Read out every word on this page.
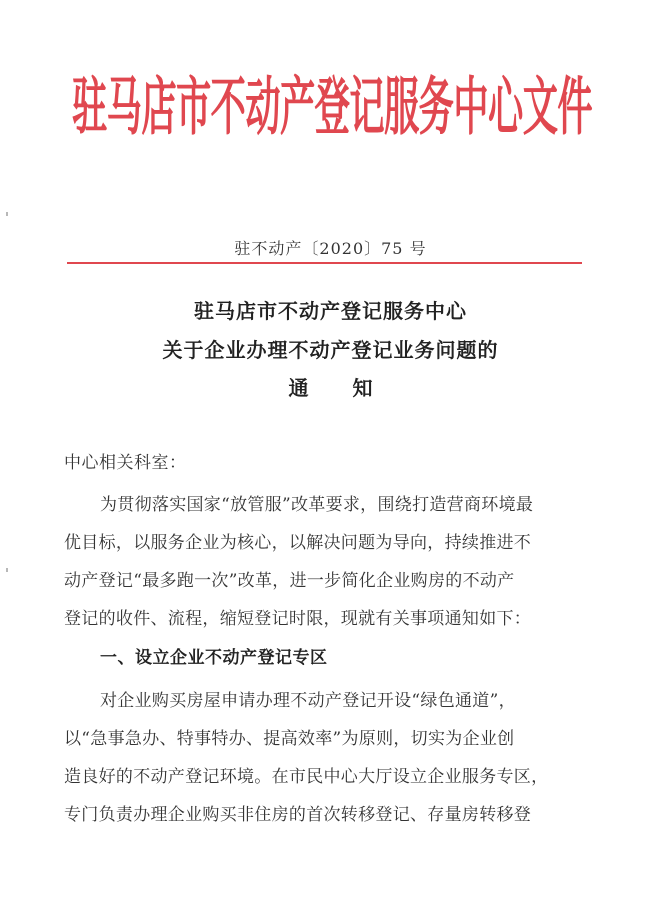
驻马店市不动产登记服务中心文件
驻不动产〔2020〕75 号
驻马店市不动产登记服务中心
关于企业办理不动产登记业务问题的
通知
中心相关科室：
为贯彻落实国家“放管服”改革要求，围绕打造营商环境最
优目标，以服务企业为核心，以解决问题为导向，持续推进不
动产登记“最多跑一次”改革，进一步简化企业购房的不动产
登记的收件、流程，缩短登记时限，现就有关事项通知如下：
一、设立企业不动产登记专区
对企业购买房屋申请办理不动产登记开设“绿色通道”，
以“急事急办、特事特办、提高效率”为原则，切实为企业创
造良好的不动产登记环境。在市民中心大厅设立企业服务专区，
专门负责办理企业购买非住房的首次转移登记、存量房转移登
